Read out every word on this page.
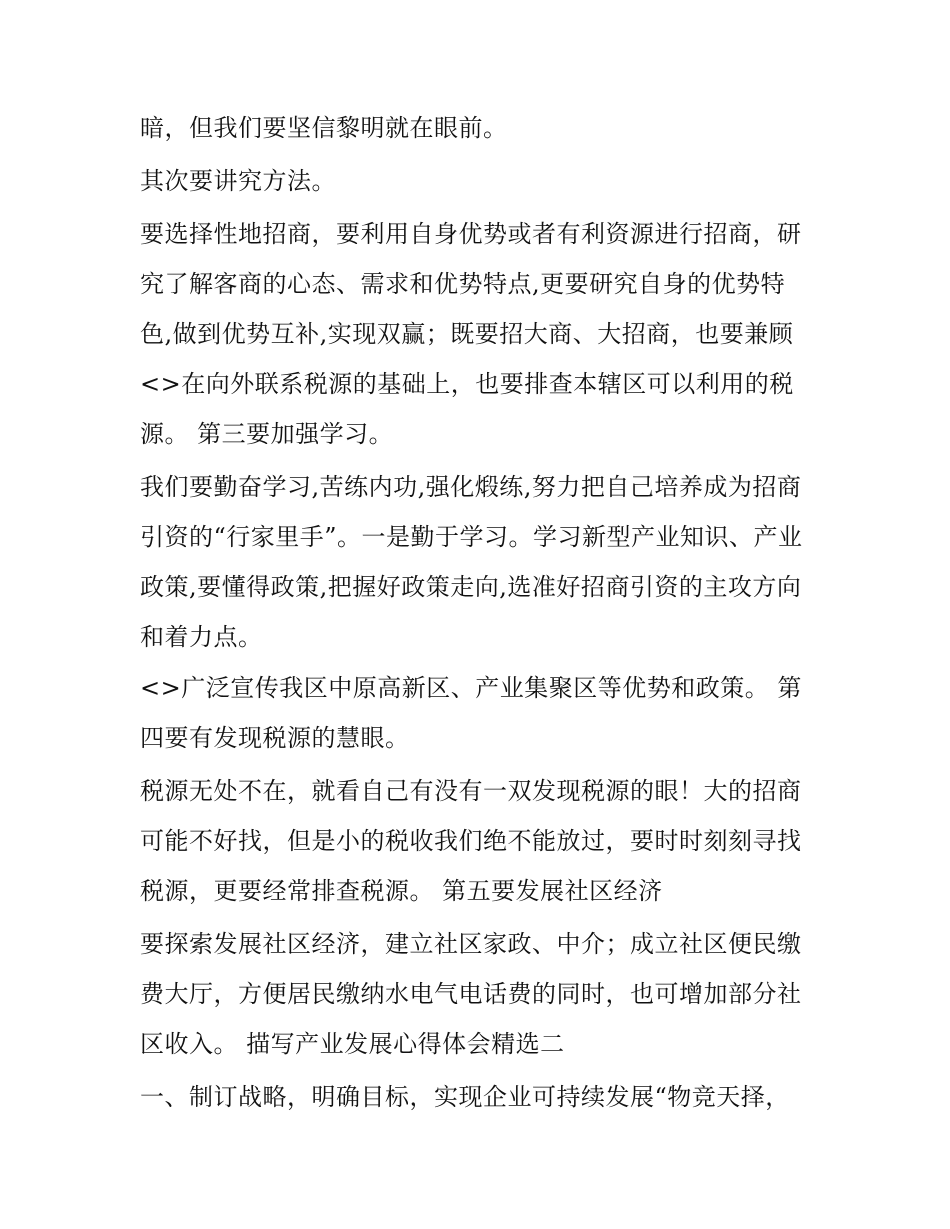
暗，但我们要坚信黎明就在眼前。
其次要讲究方法。
要选择性地招商，要利用自身优势或者有利资源进行招商，研
究了解客商的心态、需求和优势特点,更要研究自身的优势特
色,做到优势互补,实现双赢；既要招大商、大招商，也要兼顾
<>在向外联系税源的基础上，也要排查本辖区可以利用的税
源。 第三要加强学习。
我们要勤奋学习,苦练内功,强化煅练,努力把自己培养成为招商
引资的“行家里手”。一是勤于学习。学习新型产业知识、产业
政策,要懂得政策,把握好政策走向,选准好招商引资的主攻方向
和着力点。
<>广泛宣传我区中原高新区、产业集聚区等优势和政策。 第
四要有发现税源的慧眼。
税源无处不在，就看自己有没有一双发现税源的眼！大的招商
可能不好找，但是小的税收我们绝不能放过，要时时刻刻寻找
税源，更要经常排查税源。 第五要发展社区经济
要探索发展社区经济，建立社区家政、中介；成立社区便民缴
费大厅，方便居民缴纳水电气电话费的同时，也可增加部分社
区收入。 描写产业发展心得体会精选二
一、制订战略，明确目标，实现企业可持续发展“物竞天择，
